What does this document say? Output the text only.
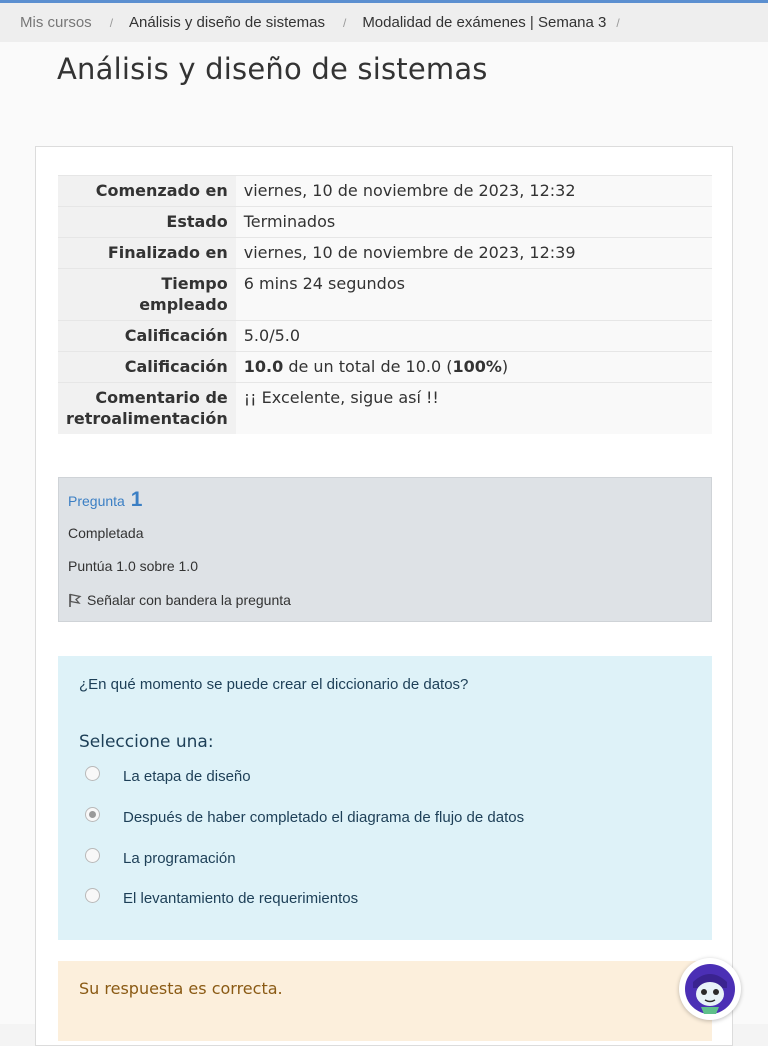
Mis cursos / Análisis y diseño de sistemas / Modalidad de exámenes | Semana 3 /
Análisis y diseño de sistemas
Comenzado en	viernes, 10 de noviembre de 2023, 12:32
Estado	Terminados
Finalizado en	viernes, 10 de noviembre de 2023, 12:39
Tiempo
empleado	6 mins 24 segundos
Calificación	5.0/5.0
Calificación	10.0 de un total de 10.0 (100%)
Comentario de
retroalimentación	¡¡ Excelente, sigue así !!
Pregunta 1
Completada
Puntúa 1.0 sobre 1.0
Señalar con bandera la pregunta
¿En qué momento se puede crear el diccionario de datos?
Seleccione una:
La etapa de diseño
Después de haber completado el diagrama de flujo de datos
La programación
El levantamiento de requerimientos
Su respuesta es correcta.
